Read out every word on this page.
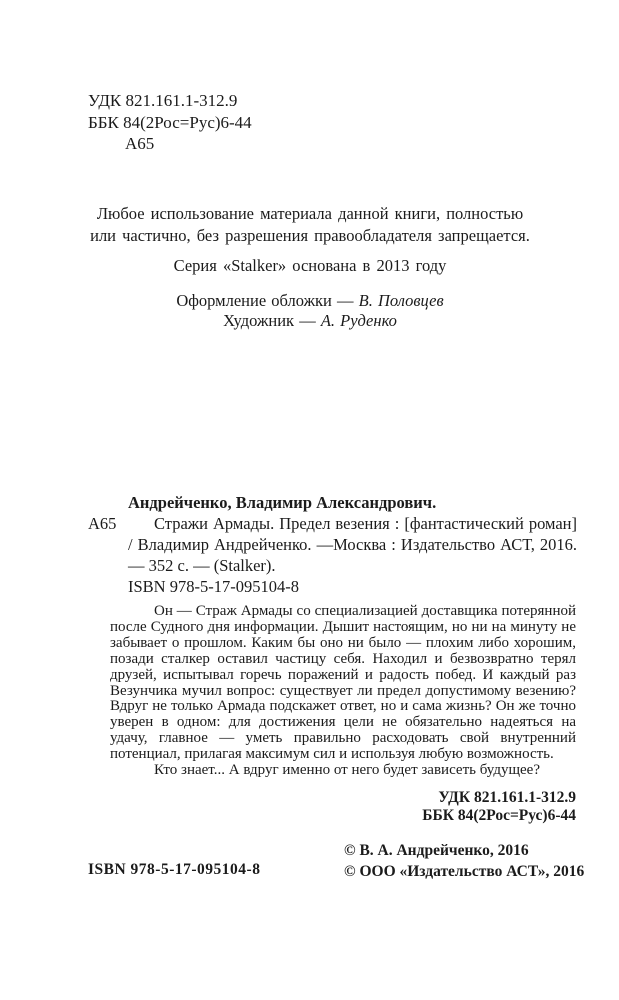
УДК 821.161.1-312.9
ББК 84(2Рос=Рус)6-44
А65
Любое использование материала данной книги, полностью
или частично, без разрешения правообладателя запрещается.
Серия «Stalker» основана в 2013 году
Оформление обложки — В. Половцев
Художник — А. Руденко
Андрейченко, Владимир Александрович.
А65	Стражи Армады. Предел везения : [фантастический роман] / Владимир Андрейченко. —Москва : Издательство АСТ, 2016. — 352 с. — (Stalker).

ISBN 978-5-17-095104-8

Он — Страж Армады со специализацией доставщика потерянной после Судного дня информации. Дышит настоящим, но ни на минуту не забывает о прошлом. Каким бы оно ни было — плохим либо хорошим, позади сталкер оставил частицу себя. Находил и безвозвратно терял друзей, испытывал горечь поражений и радость побед. И каждый раз Везунчика мучил вопрос: существует ли предел допустимому везению? Вдруг не только Армада подскажет ответ, но и сама жизнь? Он же точно уверен в одном: для достижения цели не обязательно надеяться на удачу, главное — уметь правильно расходовать свой внутренний потенциал, прилагая максимум сил и используя любую возможность.

Кто знает... А вдруг именно от него будет зависеть будущее?

УДК 821.161.1-312.9
ББК 84(2Рос=Рус)6-44
© В. А. Андрейченко, 2016
© ООО «Издательство АСТ», 2016
ISBN 978-5-17-095104-8
